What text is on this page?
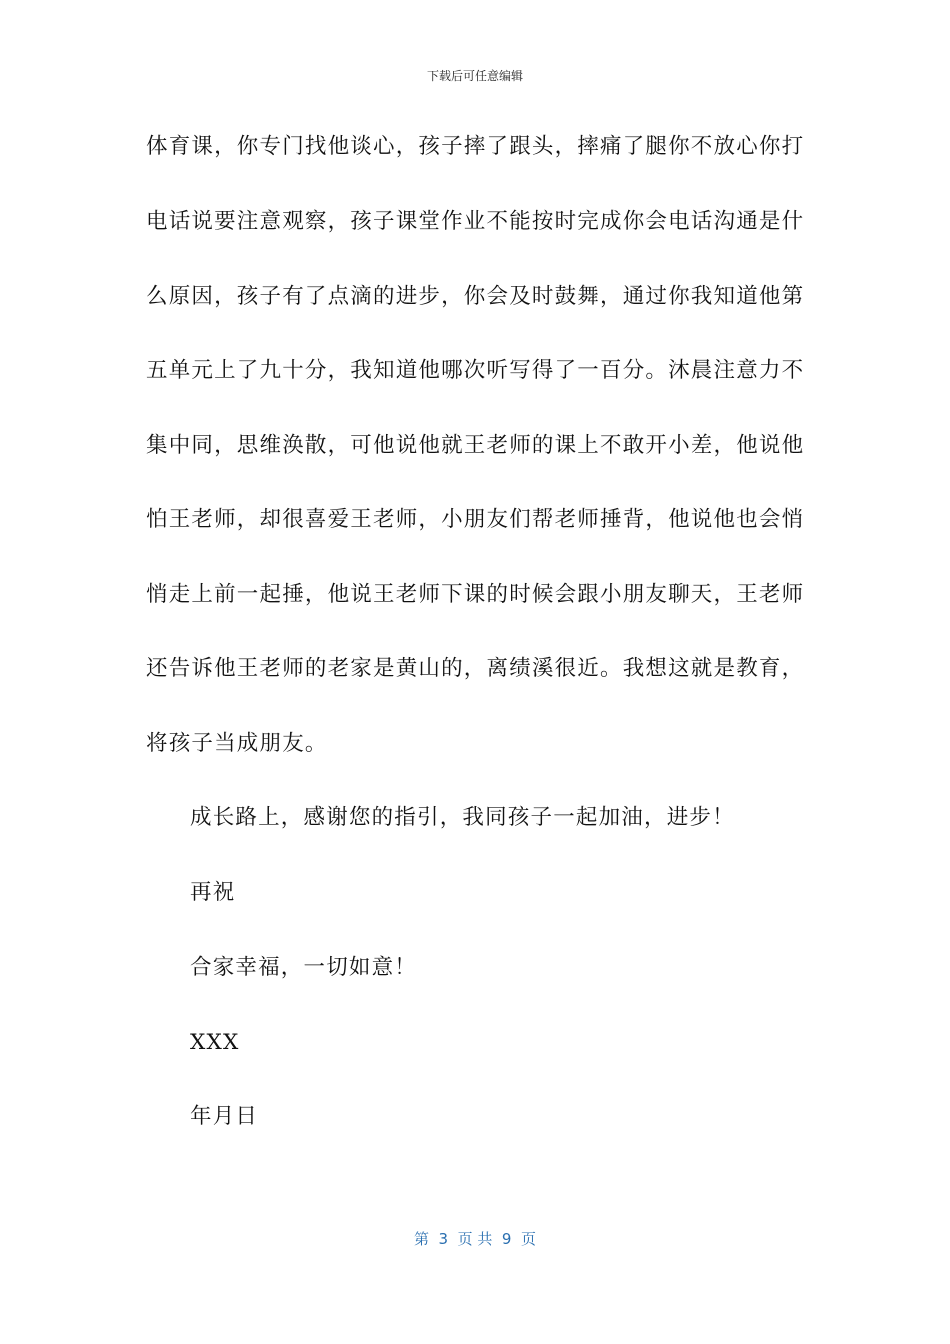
下载后可任意编辑
体育课，你专门找他谈心，孩子摔了跟头，摔痛了腿你不放心你打
电话说要注意观察，孩子课堂作业不能按时完成你会电话沟通是什
么原因，孩子有了点滴的进步，你会及时鼓舞，通过你我知道他第
五单元上了九十分，我知道他哪次听写得了一百分。沐晨注意力不
集中同，思维涣散，可他说他就王老师的课上不敢开小差，他说他
怕王老师，却很喜爱王老师，小朋友们帮老师捶背，他说他也会悄
悄走上前一起捶，他说王老师下课的时候会跟小朋友聊天，王老师
还告诉他王老师的老家是黄山的，离绩溪很近。我想这就是教育，
将孩子当成朋友。
成长路上，感谢您的指引，我同孩子一起加油，进步！
再祝
合家幸福，一切如意！
XXX
年月日
第  3  页 共  9  页
